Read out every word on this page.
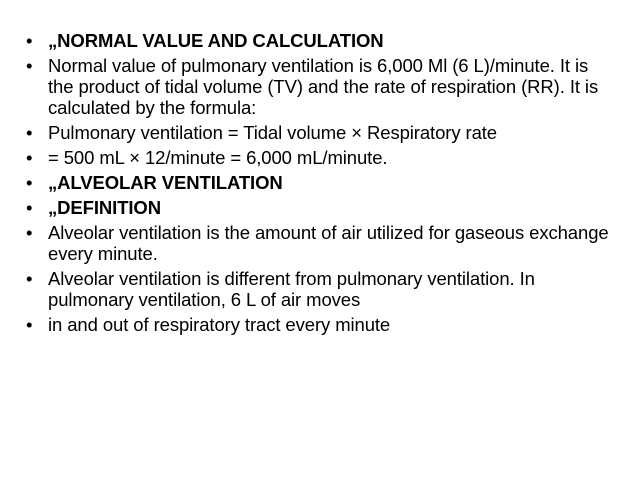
• „NORMAL VALUE AND CALCULATION
• Normal value of pulmonary ventilation is 6,000 Ml (6 L)/minute. It is the product of tidal volume (TV) and the rate of respiration (RR). It is calculated by the formula:
• Pulmonary ventilation = Tidal volume × Respiratory rate
• = 500 mL × 12/minute = 6,000 mL/minute.
• „ALVEOLAR VENTILATION
• „DEFINITION
• Alveolar ventilation is the amount of air utilized for gaseous exchange every minute.
• Alveolar ventilation is different from pulmonary ventilation. In pulmonary ventilation, 6 L of air moves
• in and out of respiratory tract every minute
